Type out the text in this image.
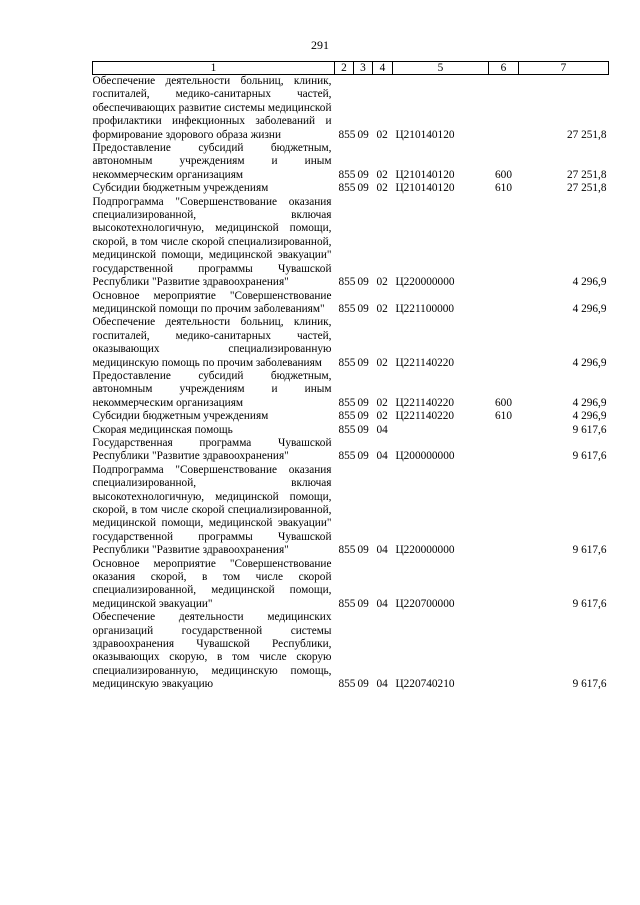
291
1	2	3	4	5	6	7
Обеспечение деятельности больниц, клиник, госпиталей, медико-санитарных частей, обеспечивающих развитие системы медицинской профилактики инфекционных заболеваний и формирование здорового образа жизни	855	09	02	Ц210140120		27 251,8
Предоставление субсидий бюджетным, автономным учреждениям и иным некоммерческим организациям	855	09	02	Ц210140120	600	27 251,8
Субсидии бюджетным учреждениям	855	09	02	Ц210140120	610	27 251,8
Подпрограмма "Совершенствование оказания специализированной, включая высокотехнологичную, медицинской помощи, скорой, в том числе скорой специализированной, медицинской помощи, медицинской эвакуации" государственной программы Чувашской Республики "Развитие здравоохранения"	855	09	02	Ц220000000		4 296,9
Основное мероприятие "Совершенствование медицинской помощи по прочим заболеваниям"	855	09	02	Ц221100000		4 296,9
Обеспечение деятельности больниц, клиник, госпиталей, медико-санитарных частей, оказывающих специализированную медицинскую помощь по прочим заболеваниям	855	09	02	Ц221140220		4 296,9
Предоставление субсидий бюджетным, автономным учреждениям и иным некоммерческим организациям	855	09	02	Ц221140220	600	4 296,9
Субсидии бюджетным учреждениям	855	09	02	Ц221140220	610	4 296,9
Скорая медицинская помощь	855	09	04			9 617,6
Государственная программа Чувашской Республики "Развитие здравоохранения"	855	09	04	Ц200000000		9 617,6
Подпрограмма "Совершенствование оказания специализированной, включая высокотехнологичную, медицинской помощи, скорой, в том числе скорой специализированной, медицинской помощи, медицинской эвакуации" государственной программы Чувашской Республики "Развитие здравоохранения"	855	09	04	Ц220000000		9 617,6
Основное мероприятие "Совершенствование оказания скорой, в том числе скорой специализированной, медицинской помощи, медицинской эвакуации"	855	09	04	Ц220700000		9 617,6
Обеспечение деятельности медицинских организаций государственной системы здравоохранения Чувашской Республики, оказывающих скорую, в том числе скорую специализированную, медицинскую помощь, медицинскую эвакуацию	855	09	04	Ц220740210		9 617,6
